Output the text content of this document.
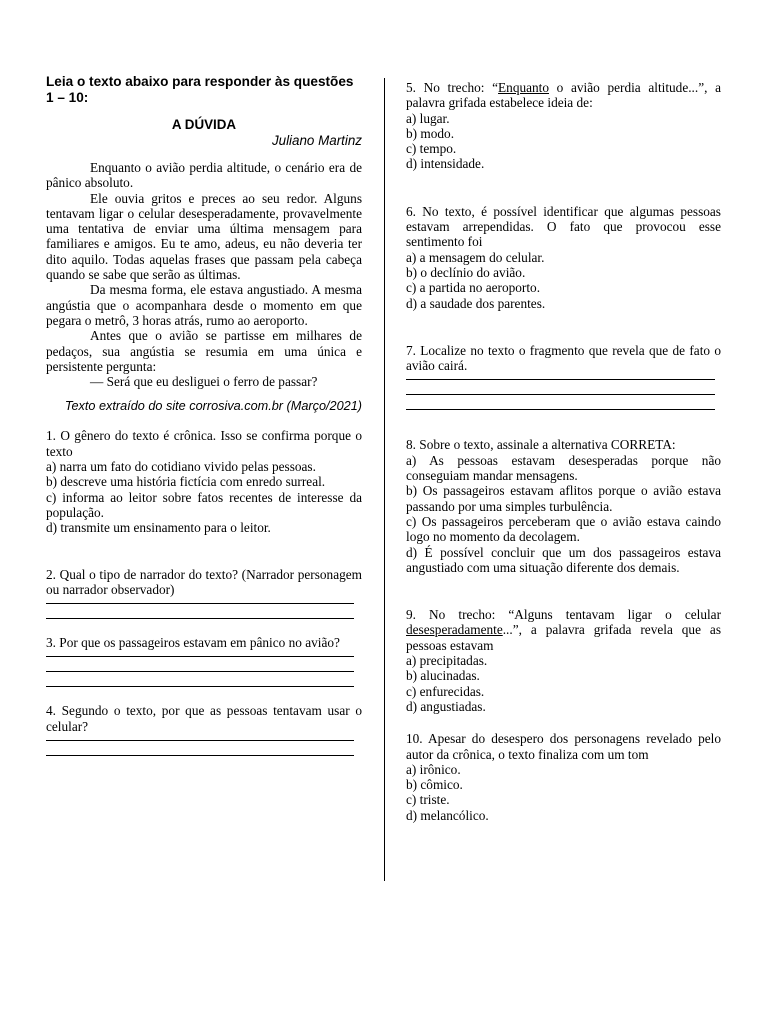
Leia o texto abaixo para responder às questões 1 – 10:

A DÚVIDA

Juliano Martinz

Enquanto o avião perdia altitude, o cenário era de pânico absoluto.

Ele ouvia gritos e preces ao seu redor. Alguns tentavam ligar o celular desesperadamente, provavelmente uma tentativa de enviar uma última mensagem para familiares e amigos. Eu te amo, adeus, eu não deveria ter dito aquilo. Todas aquelas frases que passam pela cabeça quando se sabe que serão as últimas.

Da mesma forma, ele estava angustiado. A mesma angústia que o acompanhara desde o momento em que pegara o metrô, 3 horas atrás, rumo ao aeroporto.

Antes que o avião se partisse em milhares de pedaços, sua angústia se resumia em uma única e persistente pergunta:

— Será que eu desliguei o ferro de passar?

Texto extraído do site corrosiva.com.br (Março/2021)

1. O gênero do texto é crônica. Isso se confirma porque o texto

a) narra um fato do cotidiano vivido pelas pessoas.

b) descreve uma história fictícia com enredo surreal.

c) informa ao leitor sobre fatos recentes de interesse da população.

d) transmite um ensinamento para o leitor.

2. Qual o tipo de narrador do texto? (Narrador personagem ou narrador observador)

3. Por que os passageiros estavam em pânico no avião?

4. Segundo o texto, por que as pessoas tentavam usar o celular?

5. No trecho: “Enquanto o avião perdia altitude...”, a palavra grifada estabelece ideia de:

a) lugar.

b) modo.

c) tempo.

d) intensidade.

6. No texto, é possível identificar que algumas pessoas estavam arrependidas. O fato que provocou esse sentimento foi

a) a mensagem do celular.

b) o declínio do avião.

c) a partida no aeroporto.

d) a saudade dos parentes.

7. Localize no texto o fragmento que revela que de fato o avião cairá.

8. Sobre o texto, assinale a alternativa CORRETA:

a) As pessoas estavam desesperadas porque não conseguiam mandar mensagens.

b) Os passageiros estavam aflitos porque o avião estava passando por uma simples turbulência.

c) Os passageiros perceberam que o avião estava caindo logo no momento da decolagem.

d) É possível concluir que um dos passageiros estava angustiado com uma situação diferente dos demais.

9. No trecho: “Alguns tentavam ligar o celular desesperadamente...”, a palavra grifada revela que as pessoas estavam

a) precipitadas.

b) alucinadas.

c) enfurecidas.

d) angustiadas.

10. Apesar do desespero dos personagens revelado pelo autor da crônica, o texto finaliza com um tom

a) irônico.

b) cômico.

c) triste.

d) melancólico.
